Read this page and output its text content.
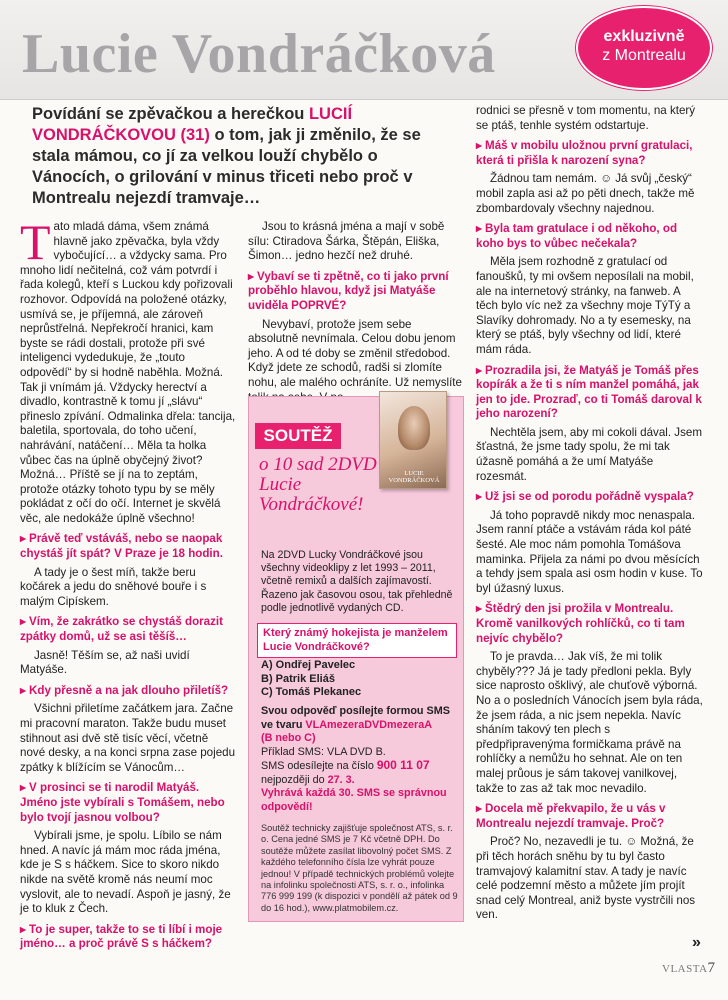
Lucie Vondráčková	exkluzivně
z Montrealu
Povídání se zpěvačkou a herečkou LUCIÍ VONDRÁČKOVOU (31) o tom, jak ji změnilo, že se stala mámou, co jí za velkou louží chybělo o Vánocích, o grilování v minus třiceti nebo proč v Montrealu nejezdí tramvaje…

Tato mladá dáma, všem známá hlavně jako zpěvačka, byla vždy vybočující… a vždycky sama. Pro mnoho lidí nečitelná, což vám potvrdí i řada kolegů, kteří s Luckou kdy pořizovali rozhovor. Odpovídá na položené otázky, usmívá se, je příjemná, ale zároveň neprůstřelná. Nepřekročí hranici, kam byste se rádi dostali, protože při své inteligenci vydedukuje, že „touto odpovědí“ by si hodně naběhla. Možná. Tak ji vnímám já. Vždycky herectví a divadlo, kontrastně k tomu jí „slávu“ přineslo zpívání. Odmalinka dřela: tancija, baletila, sportovala, do toho učení, nahrávání, natáčení… Měla ta holka vůbec čas na úplně obyčejný život? Možná… Příště se jí na to zeptám, protože otázky tohoto typu by se měly pokládat z očí do očí. Internet je skvělá věc, ale nedokáže úplně všechno!

▸ Právě teď vstáváš, nebo se naopak chystáš jít spát? V Praze je 18 hodin.

A tady je o šest míň, takže beru kočárek a jedu do sněhové bouře i s malým Cipískem.

▸ Vím, že zakrátko se chystáš dorazit zpátky domů, už se asi těšíš…

Jasně! Těším se, až naši uvidí Matyáše.

▸ Kdy přesně a na jak dlouho přiletíš?

Všichni přiletíme začátkem jara. Začne mi pracovní maraton. Takže budu muset stihnout asi dvě stě tisíc věcí, včetně nové desky, a na konci srpna zase pojedu zpátky k blížícím se Vánocům…

▸ V prosinci se ti narodil Matyáš. Jméno jste vybírali s Tomášem, nebo bylo tvojí jasnou volbou?

Vybírali jsme, je spolu. Líbilo se nám hned. A navíc já mám moc ráda jména, kde je S s háčkem. Sice to skoro nikdo nikde na světě kromě nás neumí moc vyslovit, ale to nevadí. Aspoň je jasný, že je to kluk z Čech.

▸ To je super, takže to se ti líbí i moje jméno… a proč právě S s háčkem?

Jsou to krásná jména a mají v sobě sílu: Ctiradova Šárka, Štěpán, Eliška, Šimon… jedno hezčí než druhé.

▸ Vybaví se ti zpětně, co ti jako první proběhlo hlavou, když jsi Matyáše uviděla POPRVÉ?

Nevybaví, protože jsem sebe absolutně nevnímala. Celou dobu jenom jeho. A od té doby se změnil středobod. Když jdete ze schodů, radši si zlomíte nohu, ale malého ochráníte. Už nemyslíte

LUCIE VONDRÁČKOVÁ
SOUTĚŽ
o 10 sad 2DVD Lucie Vondráčkové!
Na 2DVD Lucky Vondráčkové jsou všechny videoklipy z let 1993 – 2011, včetně remixů a dalších zajímavostí. Řazeno jak časovou osou, tak přehledně podle jednotlivě vydaných CD.
Který známý hokejista je manželem Lucie Vondráčkové?
A) Ondřej Pavelec
B) Patrik Eliáš
C) Tomáš Plekanec
Svou odpověď posílejte formou SMS ve tvaru VLAmezeraDVDmezeraA
(B nebo C)
Příklad SMS: VLA DVD B.
SMS odesílejte na číslo 900 11 07
nejpozději do 27. 3.
Vyhrává každá 30. SMS se správnou odpovědí!
Soutěž technicky zajišťuje společnost ATS, s. r. o. Cena jedné SMS je 7 Kč včetně DPH. Do soutěže můžete zasílat libovolný počet SMS. Z každého telefonního čísla lze vyhrát pouze jednou! V případě technických problémů volejte na infolinku společnosti ATS, s. r. o., infolinka 776 999 199 (k dispozici v pondělí až pátek od 9 do 16 hod.), www.platmobilem.cz.

rodnici se přesně v tom momentu, na který se ptáš, tenhle systém odstartuje.

▸ Máš v mobilu uložnou první gratulaci, která ti přišla k narození syna?

Žádnou tam nemám. ☺ Já svůj „český“ mobil zapla asi až po pěti dnech, takže mě zbombardovaly všechny najednou.

▸ Byla tam gratulace i od někoho, od koho bys to vůbec nečekala?

Měla jsem rozhodně z gratulací od fanoušků, ty mi ovšem neposílali na mobil, ale na internetový stránky, na fanweb. A těch bylo víc než za všechny moje TýTý a Slavíky dohromady. No a ty esemesky, na který se ptáš, byly všechny od lidí, které mám ráda.

▸ Prozradila jsi, že Matyáš je Tomáš přes kopírák a že ti s ním manžel pomáhá, jak jen to jde. Prozraď, co ti Tomáš daroval k jeho narození?

Nechtěla jsem, aby mi cokoli dával. Jsem šťastná, že jsme tady spolu, že mi tak úžasně pomáhá a že umí Matyáše rozesmát.

▸ Už jsi se od porodu pořádně vyspala?

Já toho popravdě nikdy moc nenaspala. Jsem ranní ptáče a vstávám ráda kol páté šesté. Ale moc nám pomohla Tomášova maminka. Přijela za námi po dvou měsících a tehdy jsem spala asi osm hodin v kuse. To byl úžasný luxus.

▸ Štědrý den jsi prožila v Montrealu. Kromě vanilkových rohlíčků, co ti tam nejvíc chybělo?

To je pravda… Jak víš, že mi tolik chyběly??? Já je tady předloni pekla. Byly sice naprosto ošklivý, ale chuťově výborná. No a o posledních Vánocích jsem byla ráda, že jsem ráda, a nic jsem nepekla. Navíc sháním takový ten plech s předpřipravenýma formičkama právě na rohlíčky a nemůžu ho sehnat. Ale on ten malej průous je sám takovej vanilkovej, takže to zas až tak moc nevadilo.

▸ Docela mě překvapilo, že u vás v Montrealu nejezdí tramvaje. Proč?

Proč? No, nezavedli je tu. ☺ Možná, že při těch horách sněhu by tu byl často tramvajový kalamitní stav. A tady je navíc celé podzemní město a můžete jím projít snad celý Montreal, aniž byste vystrčili nos ven.

»
VLASTA7
